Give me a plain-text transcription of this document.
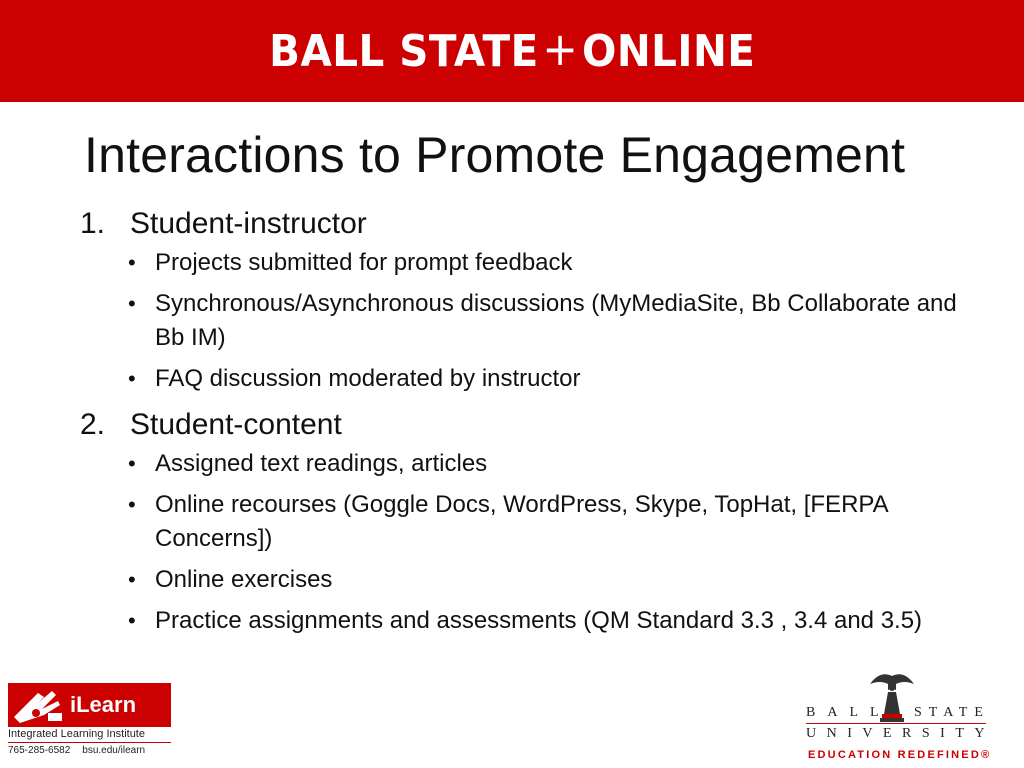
BALL STATE + ONLINE
Interactions to Promote Engagement
1. Student-instructor
• Projects submitted for prompt feedback
• Synchronous/Asynchronous discussions (MyMediaSite, Bb Collaborate and Bb IM)
• FAQ discussion moderated by instructor
2. Student-content
• Assigned text readings, articles
• Online recourses (Goggle Docs, WordPress, Skype, TopHat, [FERPA Concerns])
• Online exercises
• Practice assignments and assessments (QM Standard 3.3 , 3.4 and 3.5)
iLearn
Integrated Learning Institute
765-285-6582 bsu.edu/ilearn
BALL STATE
UNIVERSITY
EDUCATION REDEFINED®
